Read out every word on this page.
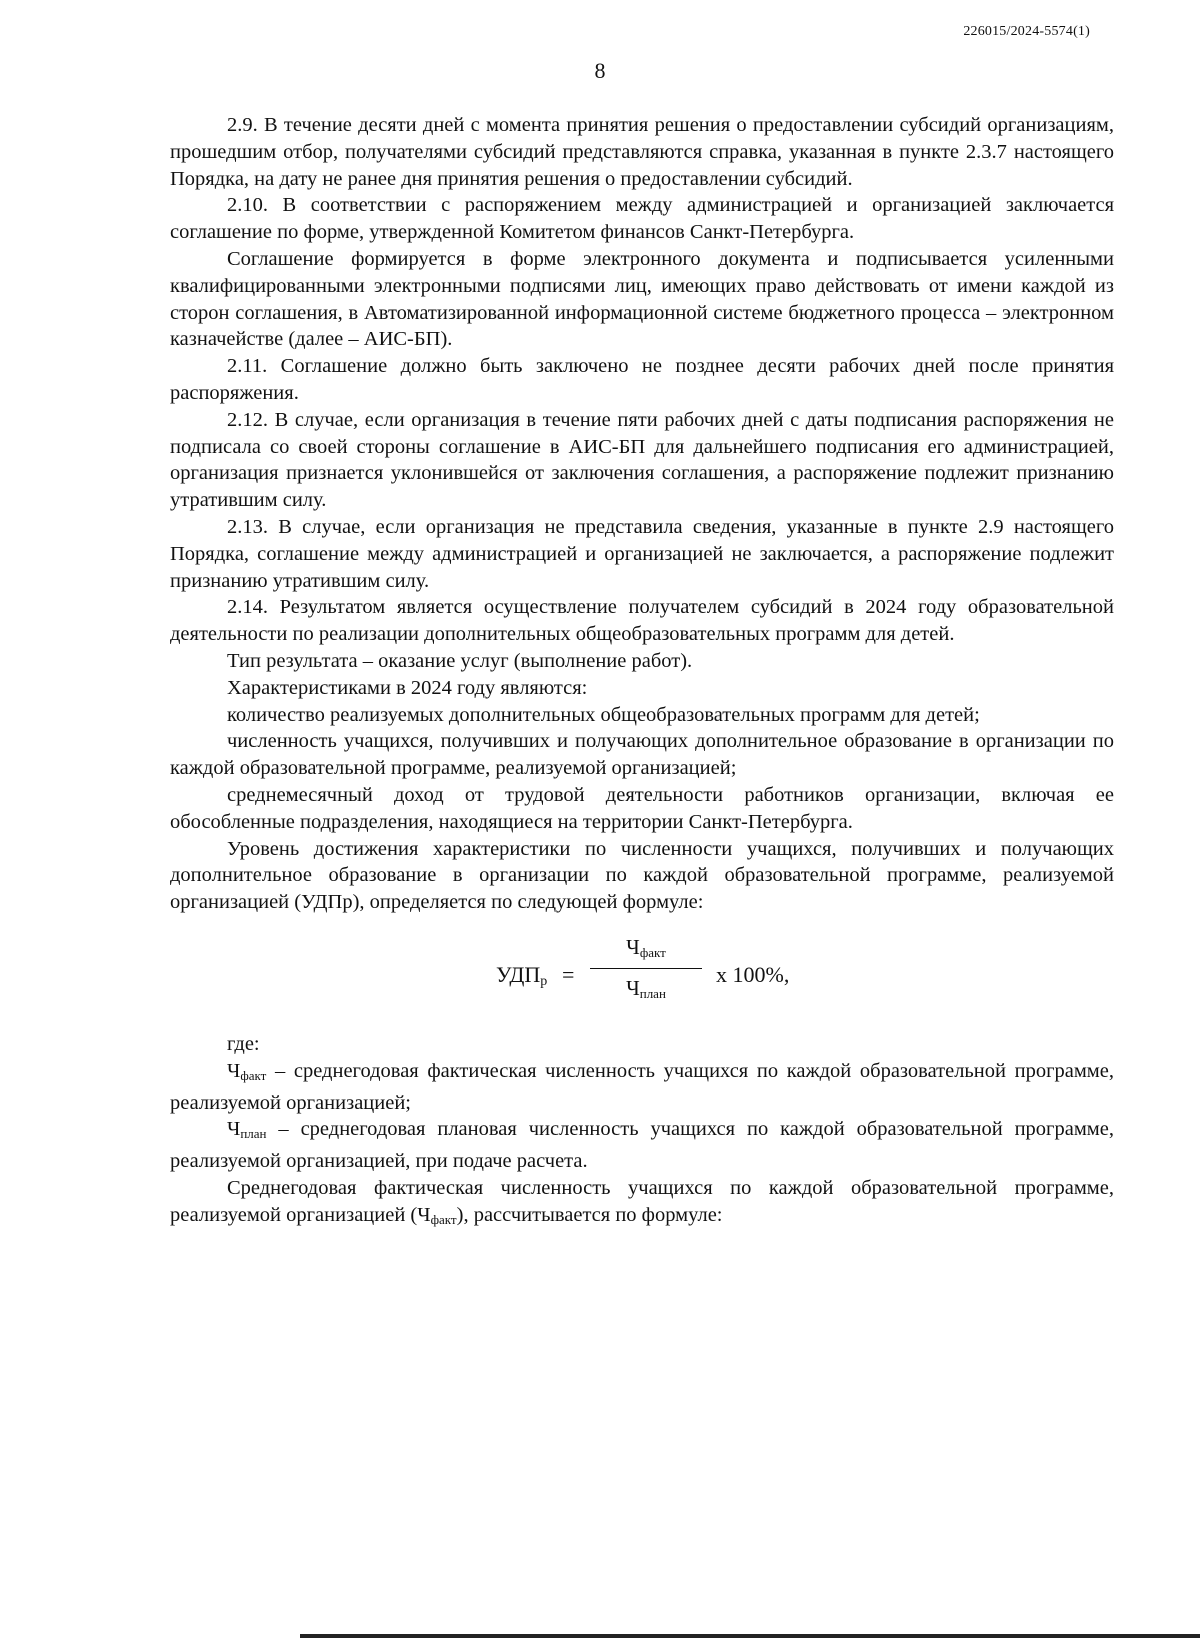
226015/2024-5574(1)
8

2.9. В течение десяти дней с момента принятия решения о предоставлении субсидий организациям, прошедшим отбор, получателями субсидий представляются справка, указанная в пункте 2.3.7 настоящего Порядка, на дату не ранее дня принятия решения о предоставлении субсидий.

2.10. В соответствии с распоряжением между администрацией и организацией заключается соглашение по форме, утвержденной Комитетом финансов Санкт-Петербурга.

Соглашение формируется в форме электронного документа и подписывается усиленными квалифицированными электронными подписями лиц, имеющих право действовать от имени каждой из сторон соглашения, в Автоматизированной информационной системе бюджетного процесса – электронном казначействе (далее – АИС-БП).

2.11. Соглашение должно быть заключено не позднее десяти рабочих дней после принятия распоряжения.

2.12. В случае, если организация в течение пяти рабочих дней с даты подписания распоряжения не подписала со своей стороны соглашение в АИС-БП для дальнейшего подписания его администрацией, организация признается уклонившейся от заключения соглашения, а распоряжение подлежит признанию утратившим силу.

2.13. В случае, если организация не представила сведения, указанные в пункте 2.9 настоящего Порядка, соглашение между администрацией и организацией не заключается, а распоряжение подлежит признанию утратившим силу.

2.14. Результатом является осуществление получателем субсидий в 2024 году образовательной деятельности по реализации дополнительных общеобразовательных программ для детей.

Тип результата – оказание услуг (выполнение работ).

Характеристиками в 2024 году являются:

количество реализуемых дополнительных общеобразовательных программ для детей;

численность учащихся, получивших и получающих дополнительное образование в организации по каждой образовательной программе, реализуемой организацией;

среднемесячный доход от трудовой деятельности работников организации, включая ее обособленные подразделения, находящиеся на территории Санкт-Петербурга.

Уровень достижения характеристики по численности учащихся, получивших и получающих дополнительное образование в организации по каждой образовательной программе, реализуемой организацией (УДПр), определяется по следующей формуле:

$УДП_р$ =
$Ч_{факт}$
$Ч_{план}$
x 100%,

где:

$Ч_{факт}$ – среднегодовая фактическая численность учащихся по каждой образовательной программе, реализуемой организацией;

$Ч_{план}$ – среднегодовая плановая численность учащихся по каждой образовательной программе, реализуемой организацией, при подаче расчета.

Среднегодовая фактическая численность учащихся по каждой образовательной программе, реализуемой организацией $(Ч_{факт})$, рассчитывается по формуле:
